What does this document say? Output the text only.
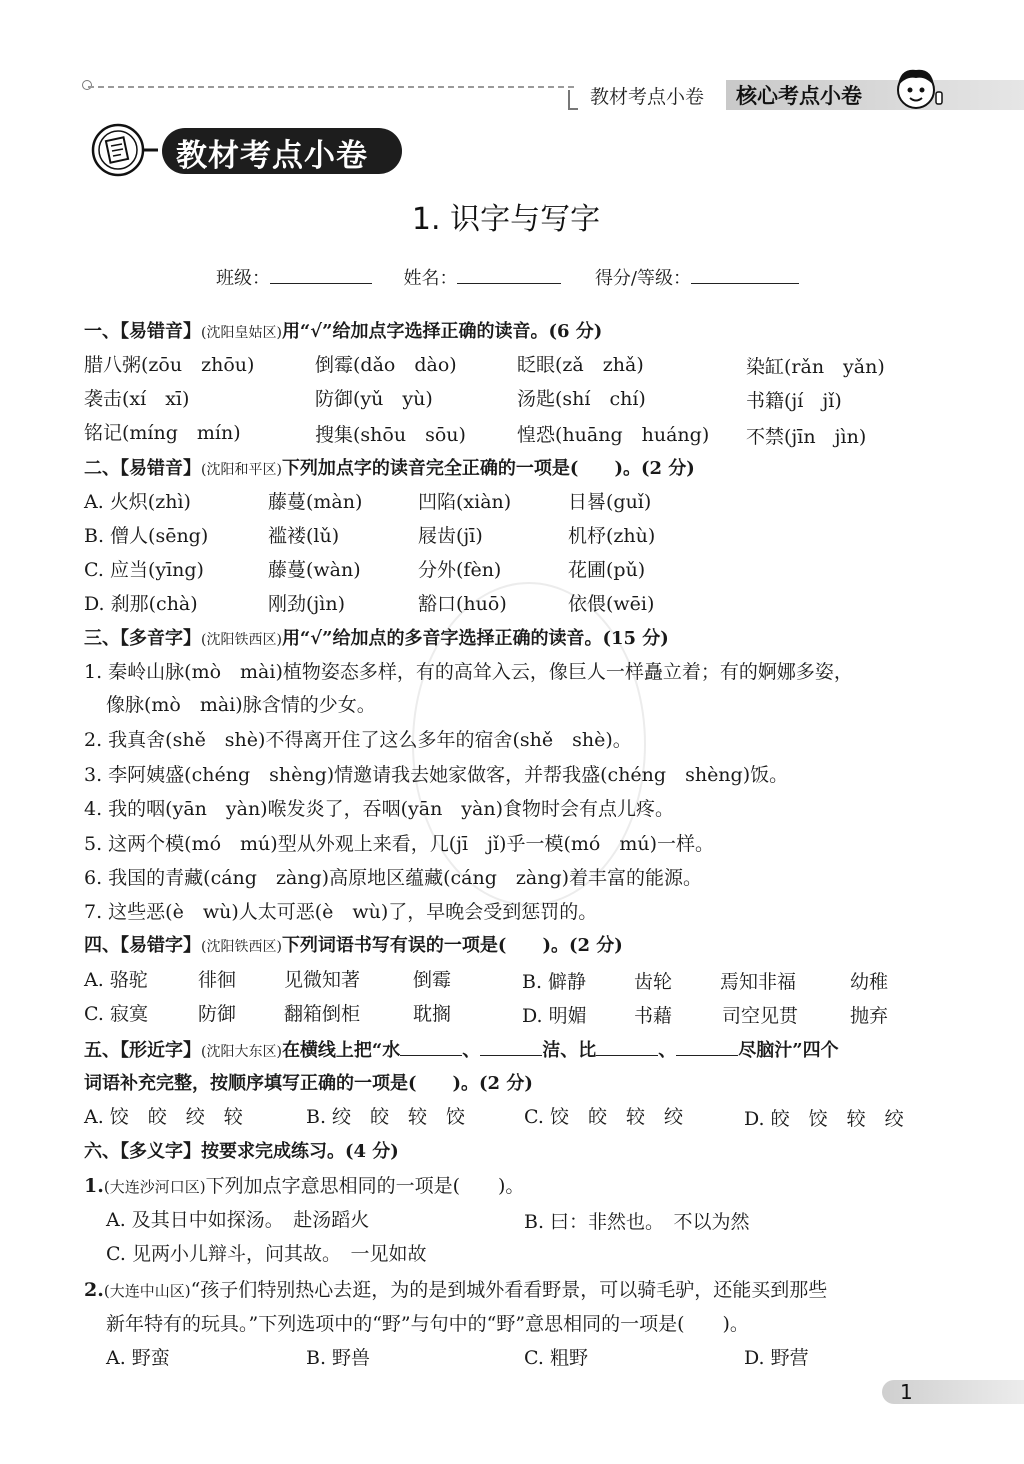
教材考点小卷 核心考点小卷
教材考点小卷
1. 识字与写字
班级：	姓名：	得分/等级：
一、【易错音】(沈阳皇姑区)用“√”给加点字选择正确的读音。(6 分)
腊八粥(zōu　zhōu)	倒霉(dǎo　dào)	眨眼(zǎ　zhǎ)	染缸(rǎn　yǎn)
袭击(xí　xī)	防御(yǔ　yù)	汤匙(shí　chí)	书籍(jí　jǐ)
铭记(míng　mín)	搜集(shōu　sōu)	惶恐(huāng　huáng) 不禁(jīn　jìn)
二、【易错音】(沈阳和平区)下列加点字的读音完全正确的一项是(　　)。(2 分)
A. 火炽(zhì)	藤蔓(màn)	凹陷(xiàn)	日晷(guǐ)
B. 僧人(sēng)	褴褛(lǔ)	屐齿(jī)	机杼(zhù)
C. 应当(yīng)	藤蔓(wàn)	分外(fèn)	花圃(pǔ)
D. 刹那(chà)	刚劲(jìn)	豁口(huō)	依偎(wēi)
三、【多音字】(沈阳铁西区)用“√”给加点的多音字选择正确的读音。(15 分)
1. 秦岭山脉(mò　mài)植物姿态多样，有的高耸入云，像巨人一样矗立着；有的婀娜多姿，
像脉(mò　mài)脉含情的少女。
2. 我真舍(shě　shè)不得离开住了这么多年的宿舍(shě　shè)。
3. 李阿姨盛(chéng　shèng)情邀请我去她家做客，并帮我盛(chéng　shèng)饭。
4. 我的咽(yān　yàn)喉发炎了，吞咽(yān　yàn)食物时会有点儿疼。
5. 这两个模(mó　mú)型从外观上来看，几(jī　jǐ)乎一模(mó　mú)一样。
6. 我国的青藏(cáng　zàng)高原地区蕴藏(cáng　zàng)着丰富的能源。
7. 这些恶(è　wù)人太可恶(è　wù)了，早晚会受到惩罚的。
四、【易错字】(沈阳铁西区)下列词语书写有误的一项是(　　)。(2 分)
A. 骆驼	徘徊	见微知著	倒霉	B. 僻静	齿轮	焉知非福	幼稚
C. 寂寞	防御	翻箱倒柜	耽搁	D. 明媚 书藉	司空见贯	抛弃
五、【形近字】(沈阳大东区)在横线上把“水	、	洁、比	、	尽脑汁”四个
词语补充完整，按顺序填写正确的一项是(　　)。(2 分)
A. 饺　皎　绞　较	B. 绞　皎　较　饺	C. 饺　皎　较　绞	D. 皎　饺　较　绞
六、【多义字】按要求完成练习。(4 分)
1.(大连沙河口区)下列加点字意思相同的一项是(　　)。
A. 及其日中如探汤。　赴汤蹈火	B. 曰：非然也。　不以为然
C. 见两小儿辩斗，问其故。　一见如故
2.(大连中山区)“孩子们特别热心去逛，为的是到城外看看野景，可以骑毛驴，还能买到那些
新年特有的玩具。”下列选项中的“野”与句中的“野”意思相同的一项是(　　)。
A. 野蛮	B. 野兽	C. 粗野	D. 野营
1
